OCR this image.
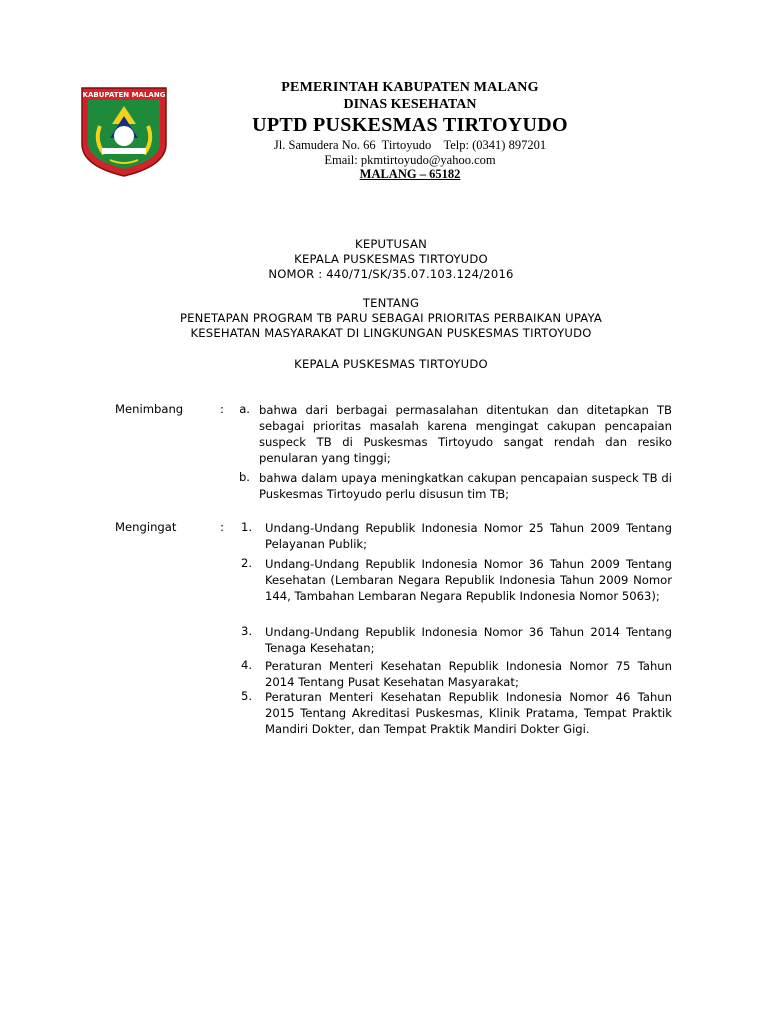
KABUPATEN MALANG	PEMERINTAH KABUPATEN MALANG
DINAS KESEHATAN
UPTD PUSKESMAS TIRTOYUDO
Jl. Samudera No. 66  Tirtoyudo    Telp: (0341) 897201
Email: pkmtirtoyudo@yahoo.com
MALANG – 65182
KEPUTUSAN
KEPALA PUSKESMAS TIRTOYUDO
NOMOR : 440/71/SK/35.07.103.124/2016
TENTANG
PENETAPAN PROGRAM TB PARU SEBAGAI PRIORITAS PERBAIKAN UPAYA
KESEHATAN MASYARAKAT DI LINGKUNGAN PUSKESMAS TIRTOYUDO
KEPALA PUSKESMAS TIRTOYUDO
Menimbang	:	a. bahwa dari berbagai permasalahan ditentukan dan ditetapkan TB sebagai prioritas masalah karena mengingat cakupan pencapaian suspeck TB di Puskesmas Tirtoyudo sangat rendah dan resiko penularan yang tinggi;
b. bahwa dalam upaya meningkatkan cakupan pencapaian suspeck TB di Puskesmas Tirtoyudo perlu disusun tim TB;
Mengingat	:	1. Undang-Undang Republik Indonesia Nomor 25 Tahun 2009 Tentang Pelayanan Publik;
2. Undang-Undang Republik Indonesia Nomor 36 Tahun 2009 Tentang Kesehatan (Lembaran Negara Republik Indonesia Tahun 2009 Nomor 144, Tambahan Lembaran Negara Republik Indonesia Nomor 5063);
3. Undang-Undang Republik Indonesia Nomor 36 Tahun 2014 Tentang Tenaga Kesehatan;
4. Peraturan Menteri Kesehatan Republik Indonesia Nomor 75 Tahun 2014 Tentang Pusat Kesehatan Masyarakat;
5. Peraturan Menteri Kesehatan Republik Indonesia Nomor 46 Tahun 2015 Tentang Akreditasi Puskesmas, Klinik Pratama, Tempat Praktik Mandiri Dokter, dan Tempat Praktik Mandiri Dokter Gigi.
